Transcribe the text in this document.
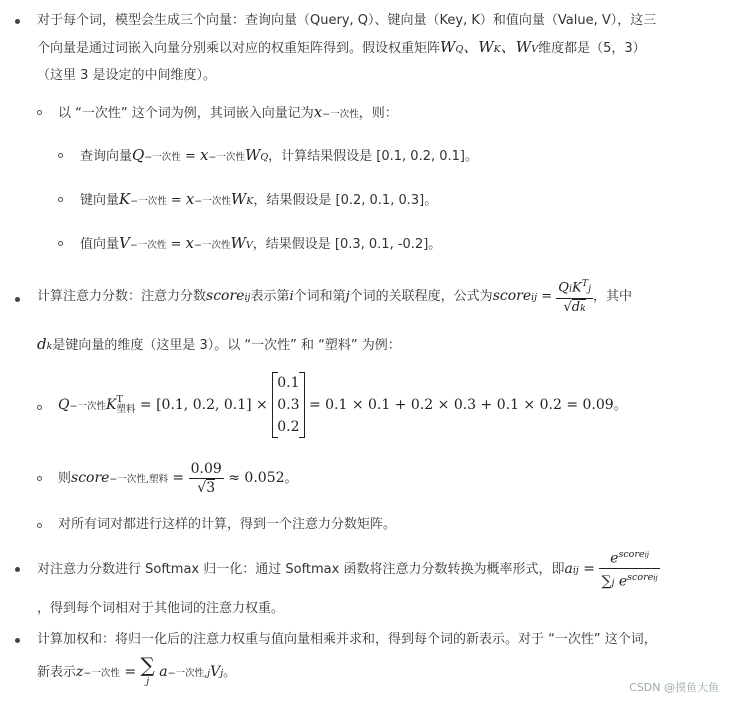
对于每个词，模型会生成三个向量：查询向量（Query, Q）、键向量（Key, K）和值向量（Value, V），这三
个向量是通过词嵌入向量分别乘以对应的权重矩阵得到。假设权重矩阵WQ、WK、WV维度都是（5，3）
（这里 3 是设定的中间维度）。
以 “一次性” 这个词为例，其词嵌入向量记为x−一次性，则：
查询向量Q−一次性 = x−一次性WQ，计算结果假设是 [0.1, 0.2, 0.1]。
键向量K−一次性 = x−一次性WK，结果假设是 [0.2, 0.1, 0.3]。
值向量V−一次性 = x−一次性WV，结果假设是 [0.3, 0.1, -0.2]。
计算注意力分数：注意力分数scoreij表示第i个词和第j个词的关联程度，公式为scoreij = $\frac{QiK^Tj}{√dk}$ ，其中
dk是键向量的维度（这里是 3）。以 “一次性” 和 “塑料” 为例：
Q−一次性K T
塑料 = [0.1, 0.2, 0.1] ×
0.1
0.3
0.2
= 0.1 × 0.1 + 0.2 × 0.3 + 0.1 × 0.2 = 0.09。
则score−一次性,塑料 = $\frac{0.09}{√3} \approx 0.052$。
对所有词对都进行这样的计算，得到一个注意力分数矩阵。
对注意力分数进行 Softmax 归一化：通过 Softmax 函数将注意力分数转换为概率形式，即aij = $\frac{e^{scoreij}}{\sum j e^{scoreij}}$
，得到每个词相对于其他词的注意力权重。
计算加权和：将归一化后的注意力权重与值向量相乘并求和，得到每个词的新表示。对于 “一次性” 这个词，
新表示z−一次性 = ∑
j
a−一次性,jVj。
CSDN @摸鱼大鱼
